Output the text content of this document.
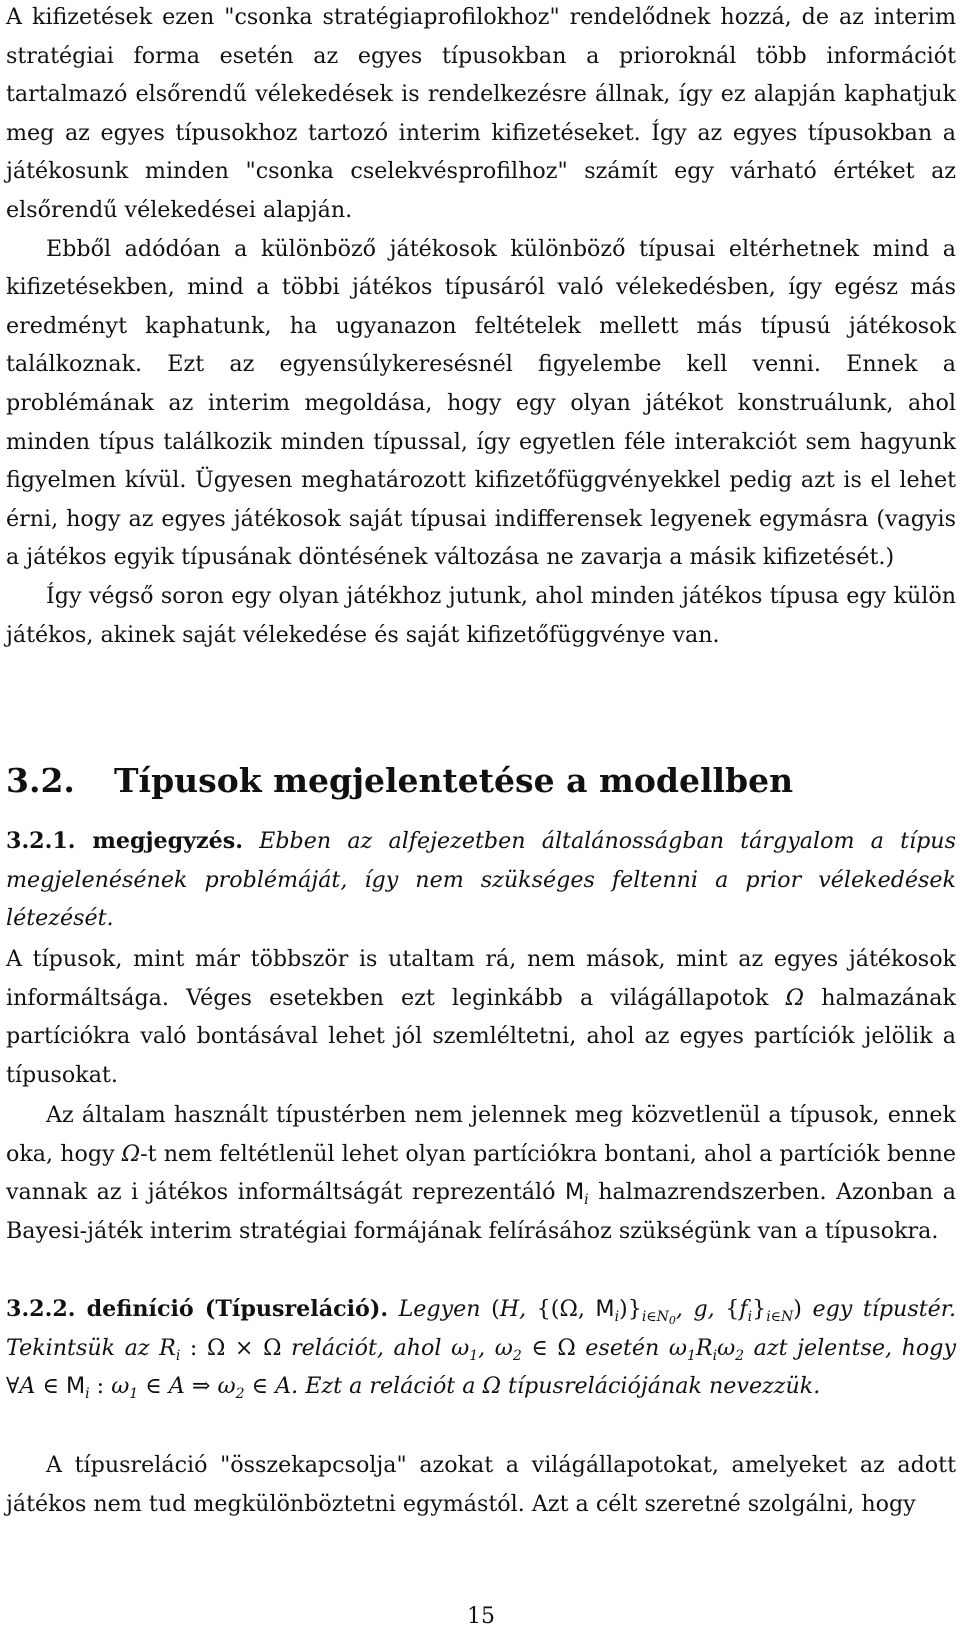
A kifizetések ezen "csonka stratégiaprofilokhoz" rendelődnek hozzá, de az interim stratégiai forma esetén az egyes típusokban a prioroknál több információt tartalmazó elsőrendű vélekedések is rendelkezésre állnak, így ez alapján kaphatjuk meg az egyes típusokhoz tartozó interim kifizetéseket. Így az egyes típusokban a játékosunk minden "csonka cselekvésprofilhoz" számít egy várható értéket az elsőrendű vélekedései alapján.

Ebből adódóan a különböző játékosok különböző típusai eltérhetnek mind a kifizetésekben, mind a többi játékos típusáról való vélekedésben, így egész más eredményt kaphatunk, ha ugyanazon feltételek mellett más típusú játékosok találkoznak. Ezt az egyensúlykeresésnél figyelembe kell venni. Ennek a problémának az interim megoldása, hogy egy olyan játékot konstruálunk, ahol minden típus találkozik minden típussal, így egyetlen féle interakciót sem hagyunk figyelmen kívül. Ügyesen meghatározott kifizetőfüggvényekkel pedig azt is el lehet érni, hogy az egyes játékosok saját típusai indifferensek legyenek egymásra (vagyis a játékos egyik típusának döntésének változása ne zavarja a másik kifizetését.)

Így végső soron egy olyan játékhoz jutunk, ahol minden játékos típusa egy külön játékos, akinek saját vélekedése és saját kifizetőfüggvénye van.

3.2. Típusok megjelentetése a modellben

3.2.1. megjegyzés. Ebben az alfejezetben általánosságban tárgyalom a típus megjelenésének problémáját, így nem szükséges feltenni a prior vélekedések létezését.

A típusok, mint már többször is utaltam rá, nem mások, mint az egyes játékosok informáltsága. Véges esetekben ezt leginkább a világállapotok Ω halmazának partíciókra való bontásával lehet jól szemléltetni, ahol az egyes partíciók jelölik a típusokat.

Az általam használt típustérben nem jelennek meg közvetlenül a típusok, ennek oka, hogy Ω-t nem feltétlenül lehet olyan partíciókra bontani, ahol a partíciók benne vannak az i játékos informáltságát reprezentáló $M_i$ halmazrendszerben. Azonban a Bayesi-játék interim stratégiai formájának felírásához szükségünk van a típusokra.

3.2.2. definíció (Típusreláció). Legyen (H, {(Ω, $M_i)\}_{i\in N_0}$, g, $\{f_i\}_{i\in N}$) egy típustér. Tekintsük az $R_i$ : Ω × Ω relációt, ahol $\omega_1$, $\omega_2$ ∈ Ω esetén $\omega_1R_i\omega_2$ azt jelentse, hogy ∀A ∈ $M_i$ : $\omega_1$ ∈ A ⇒ $\omega_2$ ∈ A. Ezt a relációt a Ω típusrelációjának nevezzük.

A típusreláció "összekapcsolja" azokat a világállapotokat, amelyeket az adott játékos nem tud megkülönböztetni egymástól. Azt a célt szeretné szolgálni, hogy

15
